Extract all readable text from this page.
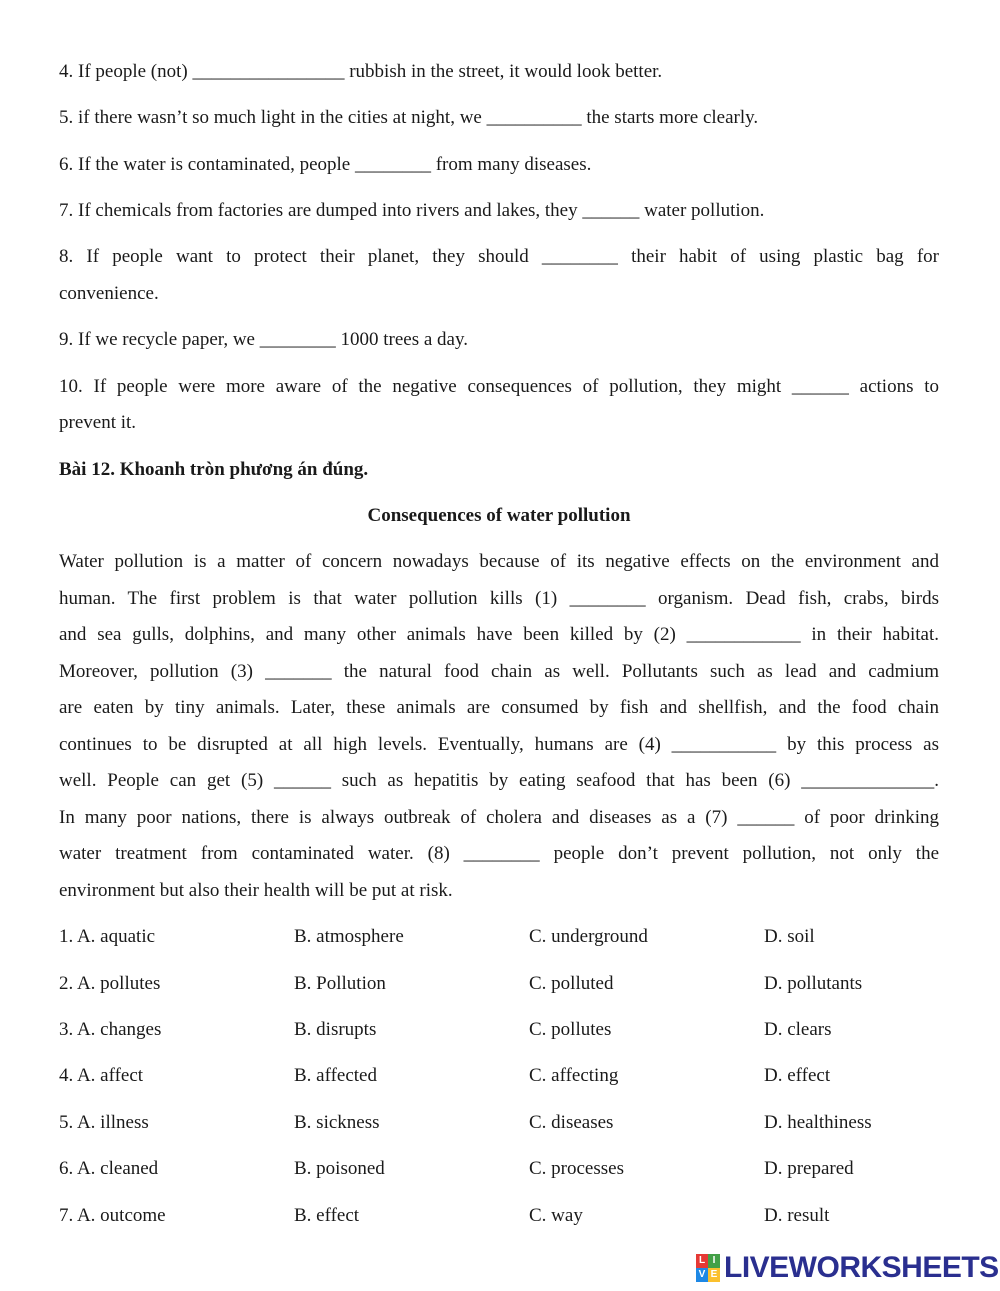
4. If people (not) ________________ rubbish in the street, it would look better.
5. if there wasn’t so much light in the cities at night, we __________ the starts more clearly.
6. If the water is contaminated, people ________ from many diseases.
7. If chemicals from factories are dumped into rivers and lakes, they ______ water pollution.
8. If people want to protect their planet, they should ________ their habit of using plastic bag for
convenience.
9. If we recycle paper, we ________ 1000 trees a day.
10. If people were more aware of the negative consequences of pollution, they might ______ actions to
prevent it.
Bài 12. Khoanh tròn phương án đúng.
Consequences of water pollution
Water pollution is a matter of concern nowadays because of its negative effects on the environment and
human. The first problem is that water pollution kills (1) ________ organism. Dead fish, crabs, birds
and sea gulls, dolphins, and many other animals have been killed by (2) ____________ in their habitat.
Moreover, pollution (3) _______ the natural food chain as well. Pollutants such as lead and cadmium
are eaten by tiny animals. Later, these animals are consumed by fish and shellfish, and the food chain
continues to be disrupted at all high levels. Eventually, humans are (4) ___________ by this process as
well. People can get (5) ______ such as hepatitis by eating seafood that has been (6) ______________.
In many poor nations, there is always outbreak of cholera and diseases as a (7) ______ of poor drinking
water treatment from contaminated water. (8) ________ people don’t prevent pollution, not only the
environment but also their health will be put at risk.
1. A. aquatic	B. atmosphere	C. underground	D. soil
2. A. pollutes	B. Pollution	C. polluted	D. pollutants
3. A. changes	B. disrupts	C. pollutes	D. clears
4. A. affect	B. affected	C. affecting	D. effect
5. A. illness	B. sickness	C. diseases	D. healthiness
6. A. cleaned	B. poisoned	C. processes	D. prepared
7. A. outcome	B. effect	C. way	D. result
L I
V E LIVEWORKSHEETS
